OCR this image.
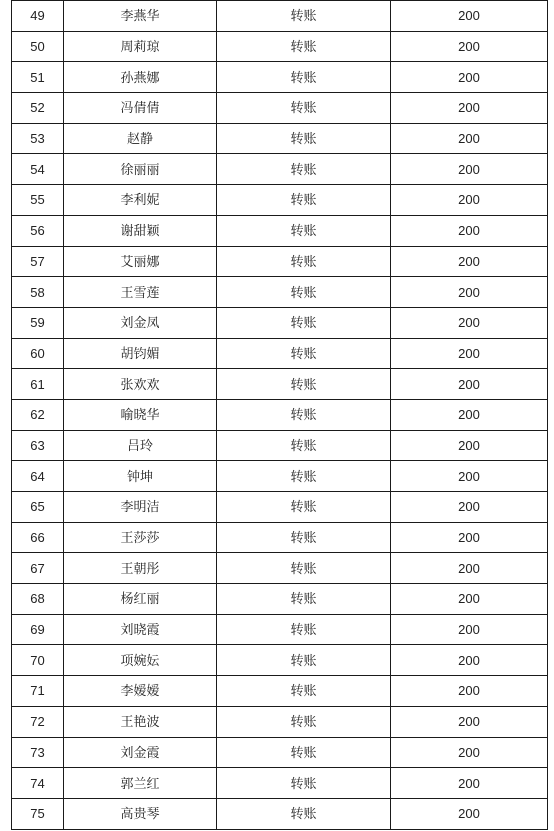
49	李燕华	转账	200
50	周莉琼	转账	200
51	孙燕娜	转账	200
52	冯倩倩	转账	200
53	赵静	转账	200
54	徐丽丽	转账	200
55	李利妮	转账	200
56	谢甜颖	转账	200
57	艾丽娜	转账	200
58	王雪莲	转账	200
59	刘金凤	转账	200
60	胡钧媚	转账	200
61	张欢欢	转账	200
62	喻晓华	转账	200
63	吕玲	转账	200
64	钟坤	转账	200
65	李明洁	转账	200
66	王莎莎	转账	200
67	王朝彤	转账	200
68	杨红丽	转账	200
69	刘晓霞	转账	200
70	项婉妘	转账	200
71	李嫒嫒	转账	200
72	王艳波	转账	200
73	刘金霞	转账	200
74	郭兰红	转账	200
75	高贵琴	转账	200
